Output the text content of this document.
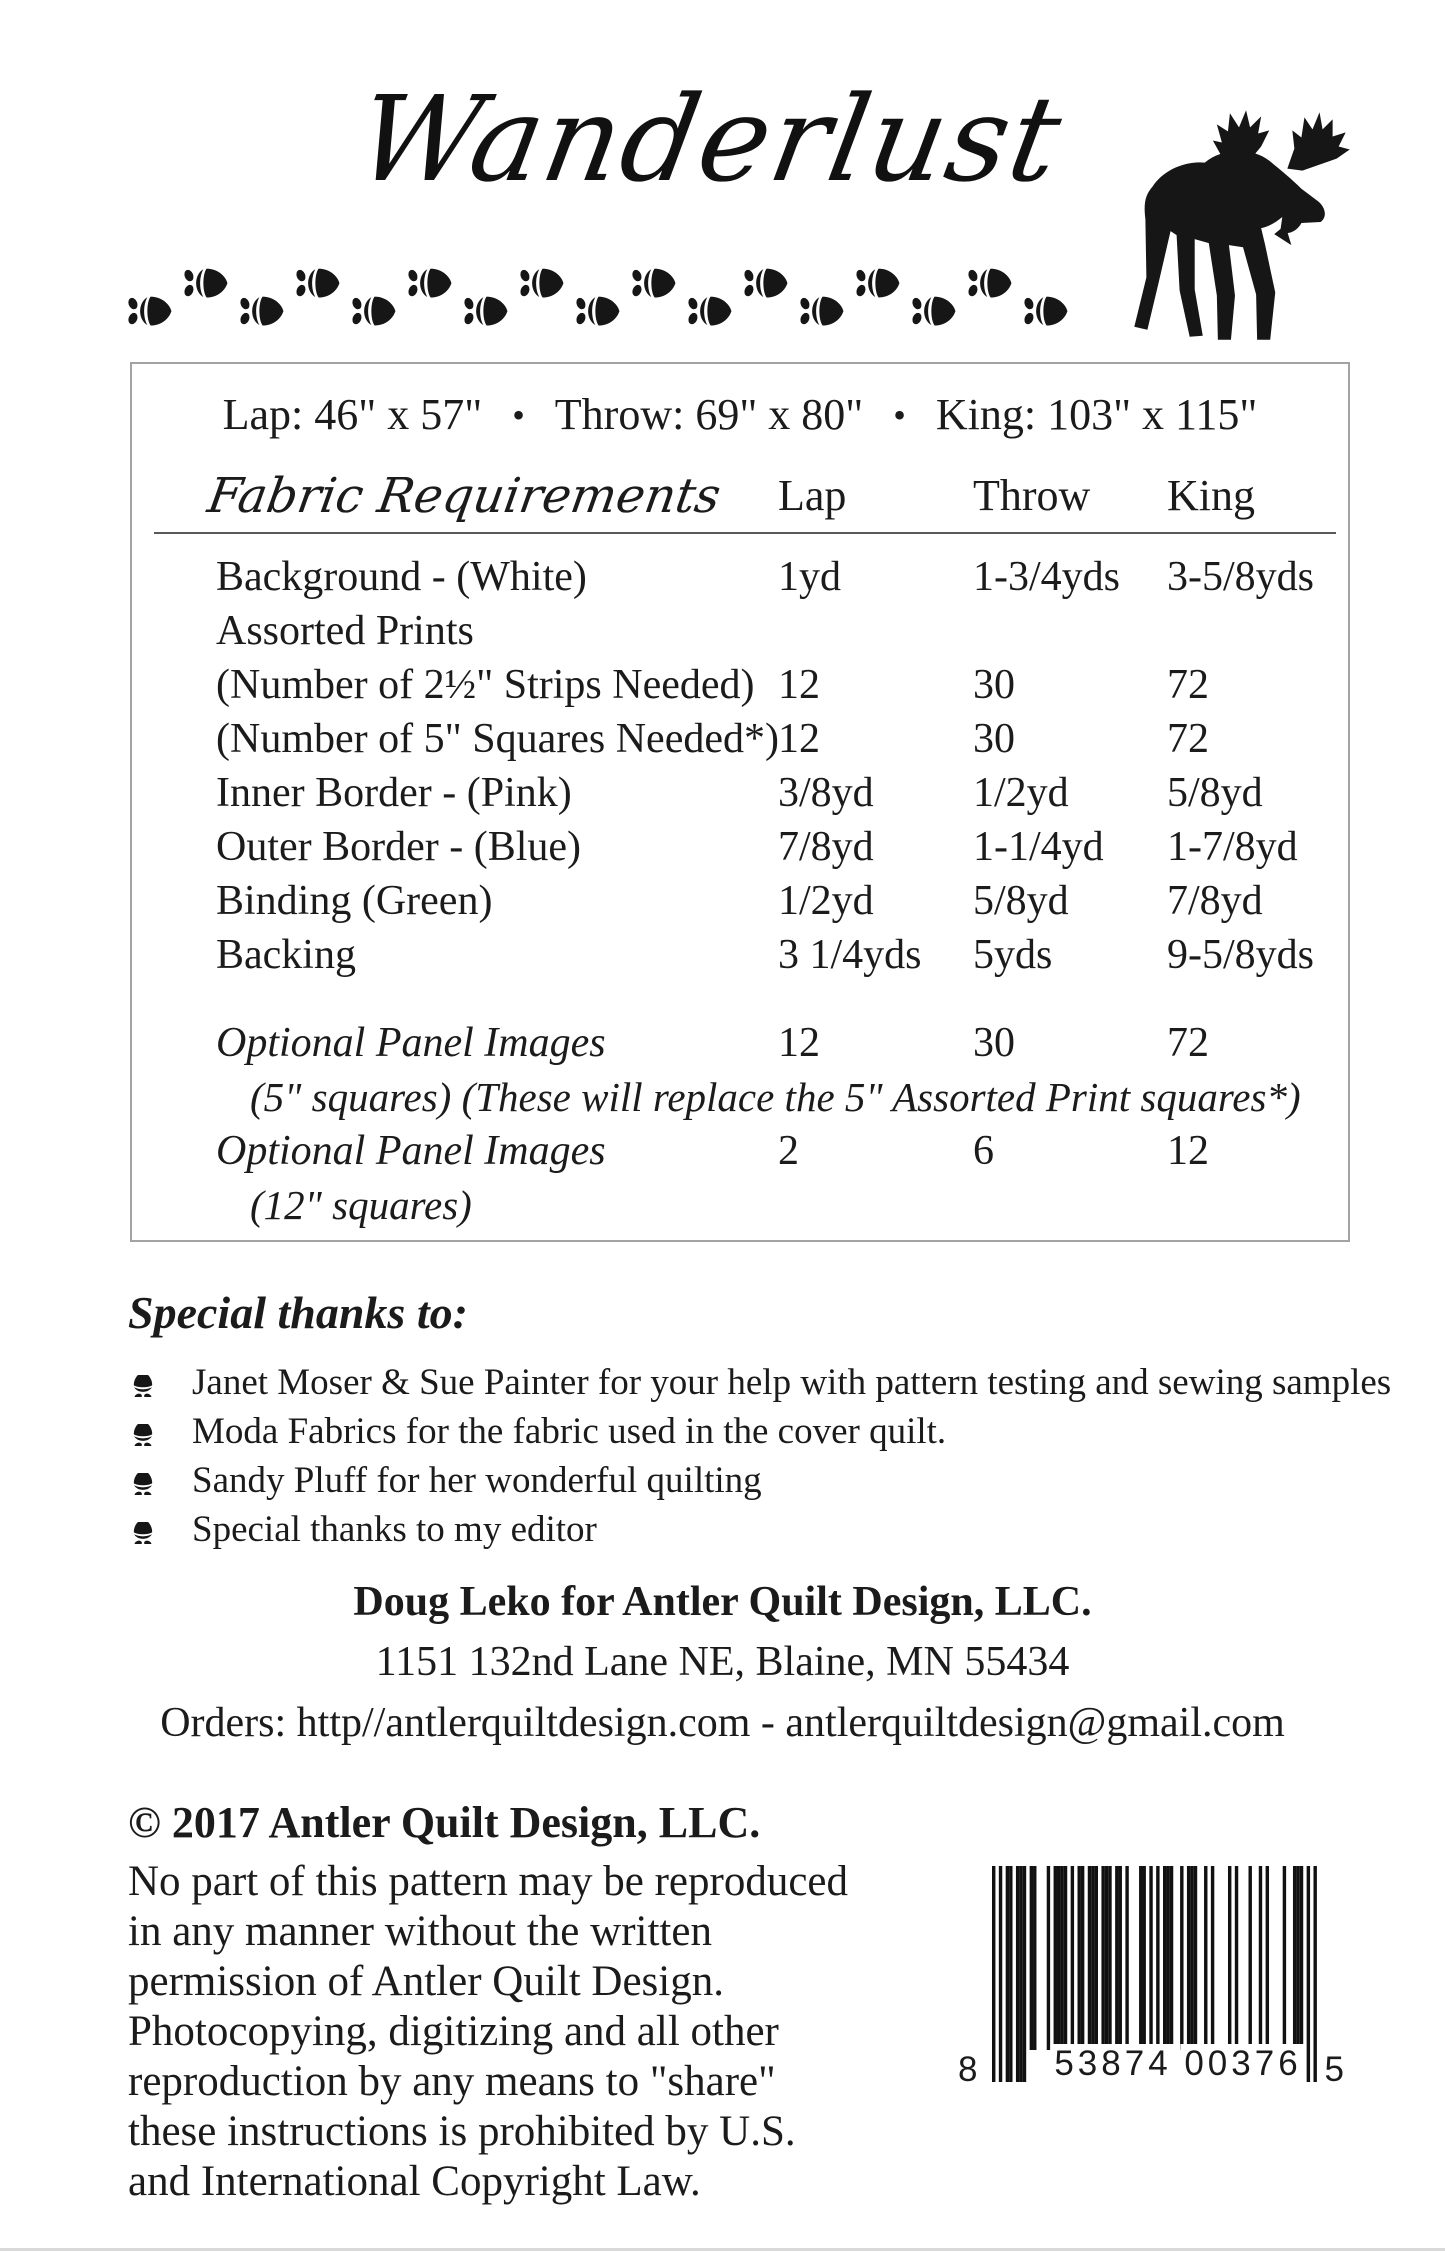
Wanderlust
Lap: 46" x 57" • Throw: 69" x 80" • King: 103" x 115"
Fabric Requirements	Lap	Throw	King
Background - (White)	1yd	1-3/4yds	3-5/8yds
Assorted Prints
(Number of 2½" Strips Needed) 12	30	72
(Number of 5" Squares Needed*) 12	30	72
Inner Border - (Pink)	3/8yd	1/2yd	5/8yd
Outer Border - (Blue)	7/8yd	1-1/4yd	1-7/8yd
Binding (Green)	1/2yd	5/8yd	7/8yd
Backing	3 1/4yds	5yds	9-5/8yds
Optional Panel Images	12	30	72
(5" squares) (These will replace the 5" Assorted Print squares*)
Optional Panel Images	2	6	12
(12" squares)
Special thanks to:
Janet Moser & Sue Painter for your help with pattern testing and sewing samples
Moda Fabrics for the fabric used in the cover quilt.
Sandy Pluff for her wonderful quilting
Special thanks to my editor
Doug Leko for Antler Quilt Design, LLC.
1151 132nd Lane NE, Blaine, MN 55434
Orders: http//antlerquiltdesign.com - antlerquiltdesign@gmail.com
© 2017 Antler Quilt Design, LLC.
No part of this pattern may be reproduced
in any manner without the written
permission of Antler Quilt Design.
Photocopying, digitizing and all other
reproduction by any means to "share"
these instructions is prohibited by U.S.
and International Copyright Law.
8 53874 00376 5
